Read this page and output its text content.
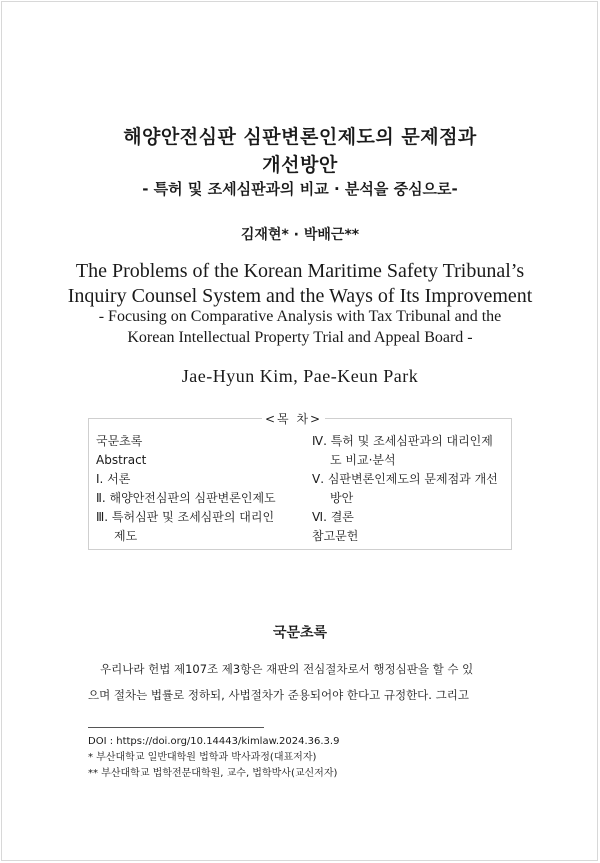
해양안전심판 심판변론인제도의 문제점과
개선방안
- 특허 및 조세심판과의 비교 · 분석을 중심으로-
김재현* · 박배근**
The Problems of the Korean Maritime Safety Tribunal’s
Inquiry Counsel System and the Ways of Its Improvement
- Focusing on Comparative Analysis with Tax Tribunal and the
Korean Intellectual Property Trial and Appeal Board -
Jae-Hyun Kim, Pae-Keun Park
<목 차>
국문초록
Abstract
Ⅰ. 서론
Ⅱ. 해양안전심판의 심판변론인제도
Ⅲ. 특허심판 및 조세심판의 대리인
제도
Ⅳ. 특허 및 조세심판과의 대리인제
도 비교·분석
Ⅴ. 심판변론인제도의 문제점과 개선
방안
Ⅵ. 결론
참고문헌
국문초록
우리나라 헌법 제107조 제3항은 재판의 전심절차로서 행정심판을 할 수 있
으며 절차는 법률로 정하되, 사법절차가 준용되어야 한다고 규정한다. 그리고
DOI : https://doi.org/10.14443/kimlaw.2024.36.3.9
* 부산대학교 일반대학원 법학과 박사과정(대표저자)
** 부산대학교 법학전문대학원, 교수, 법학박사(교신저자)
